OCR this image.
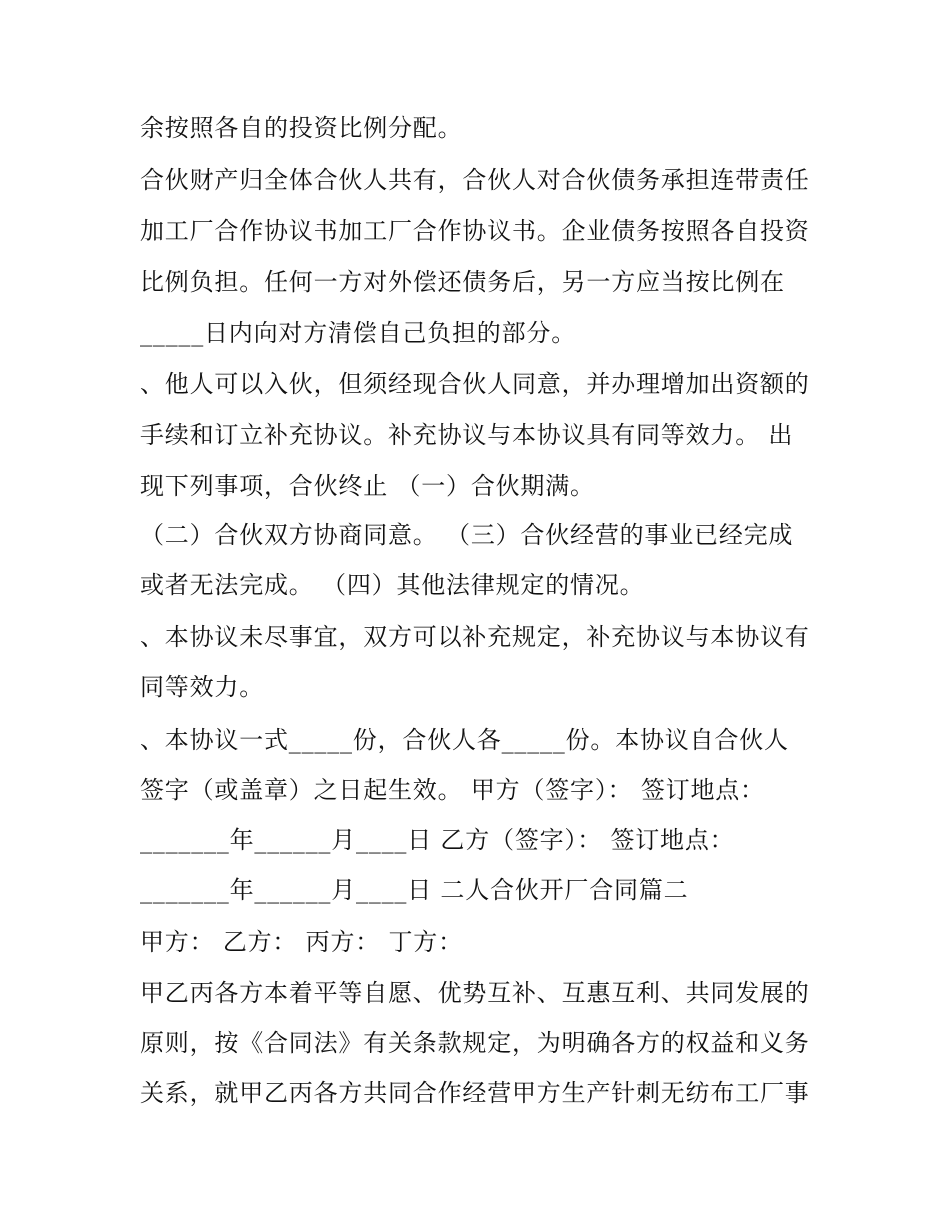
余按照各自的投资比例分配。
合伙财产归全体合伙人共有，合伙人对合伙债务承担连带责任
加工厂合作协议书加工厂合作协议书。企业债务按照各自投资
比例负担。任何一方对外偿还债务后，另一方应当按比例在
_____日内向对方清偿自己负担的部分。
、他人可以入伙，但须经现合伙人同意，并办理增加出资额的
手续和订立补充协议。补充协议与本协议具有同等效力。 出
现下列事项，合伙终止 （一）合伙期满。
（二）合伙双方协商同意。 （三）合伙经营的事业已经完成
或者无法完成。 （四）其他法律规定的情况。
、本协议未尽事宜，双方可以补充规定，补充协议与本协议有
同等效力。
、本协议一式_____份，合伙人各_____份。本协议自合伙人
签字（或盖章）之日起生效。 甲方（签字）： 签订地点：
_______年______月____日 乙方（签字）： 签订地点：
_______年______月____日 二人合伙开厂合同篇二
甲方： 乙方： 丙方： 丁方：
甲乙丙各方本着平等自愿、优势互补、互惠互利、共同发展的
原则，按《合同法》有关条款规定，为明确各方的权益和义务
关系，就甲乙丙各方共同合作经营甲方生产针刺无纺布工厂事
